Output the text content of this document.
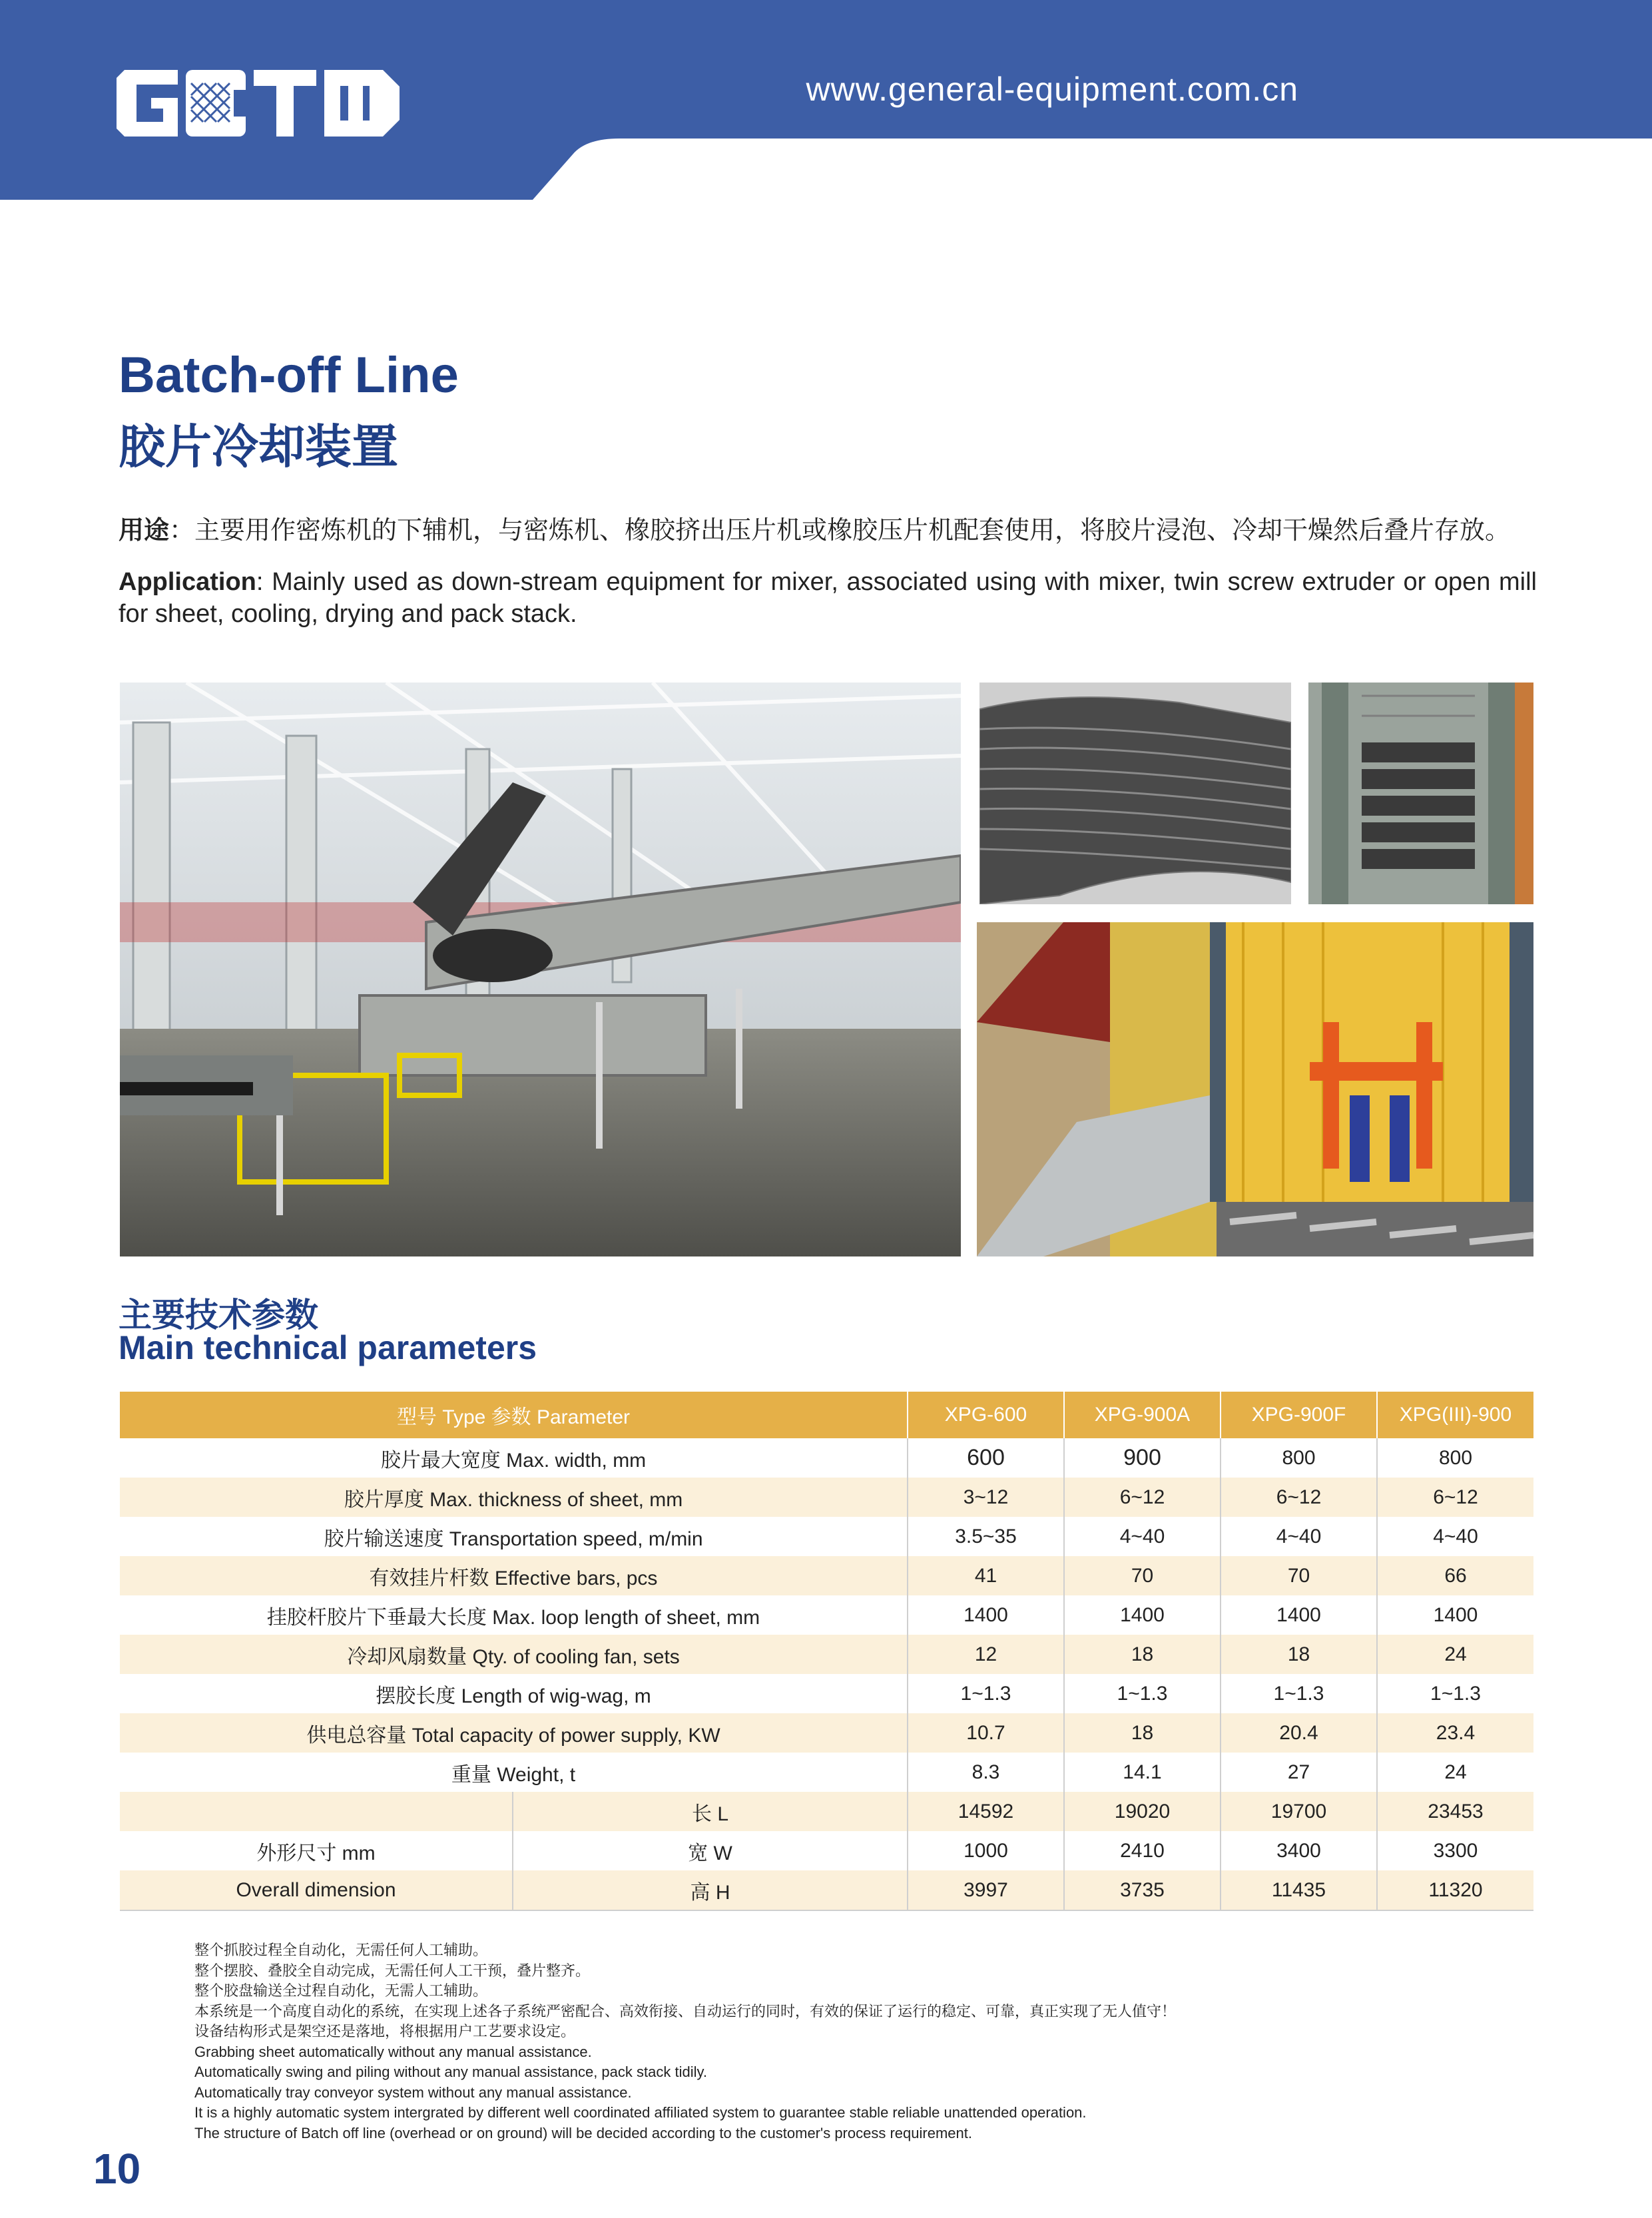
www.general-equipment.com.cn
Batch-off Line
胶片冷却装置
用途：主要用作密炼机的下辅机，与密炼机、橡胶挤出压片机或橡胶压片机配套使用，将胶片浸泡、冷却干燥然后叠片存放。
Application: Mainly used as down-stream equipment for mixer, associated using with mixer, twin screw extruder or open mill for sheet, cooling, drying and pack stack.
主要技术参数
Main technical parameters
型号 Type 参数 Parameter		XPG-600	XPG-900A	XPG-900F	XPG(III)-900
胶片最大宽度 Max. width, mm		600	900	800	800
胶片厚度 Max. thickness of sheet, mm		3~12	6~12	6~12	6~12
胶片输送速度 Transportation speed, m/min		3.5~35	4~40	4~40	4~40
有效挂片杆数 Effective bars, pcs		41	70	70	66
挂胶杆胶片下垂最大长度 Max. loop length of sheet, mm		1400	1400	1400	1400
冷却风扇数量 Qty. of cooling fan, sets		12	18	18	24
摆胶长度 Length of wig-wag, m		1~1.3	1~1.3	1~1.3	1~1.3
供电总容量 Total capacity of power supply, KW		10.7	18	20.4	23.4
重量 Weight, t		8.3	14.1	27	24
	长 L	14592	19020	19700	23453
外形尺寸 mm	宽 W	1000	2410	3400	3300
Overall dimension	高 H	3997	3735	11435	11320
整个抓胶过程全自动化，无需任何人工辅助。
整个摆胶、叠胶全自动完成，无需任何人工干预，叠片整齐。
整个胶盘输送全过程自动化，无需人工辅助。
本系统是一个高度自动化的系统，在实现上述各子系统严密配合、高效衔接、自动运行的同时，有效的保证了运行的稳定、可靠，真正实现了无人值守！
设备结构形式是架空还是落地，将根据用户工艺要求设定。
Grabbing sheet automatically without any manual assistance.
Automatically swing and piling without any manual assistance, pack stack tidily.
Automatically tray conveyor system without any manual assistance.
It is a highly automatic system intergrated by different well coordinated affiliated system to guarantee stable reliable unattended operation.
The structure of Batch off line (overhead or on ground) will be decided according to the customer's process requirement.
10
